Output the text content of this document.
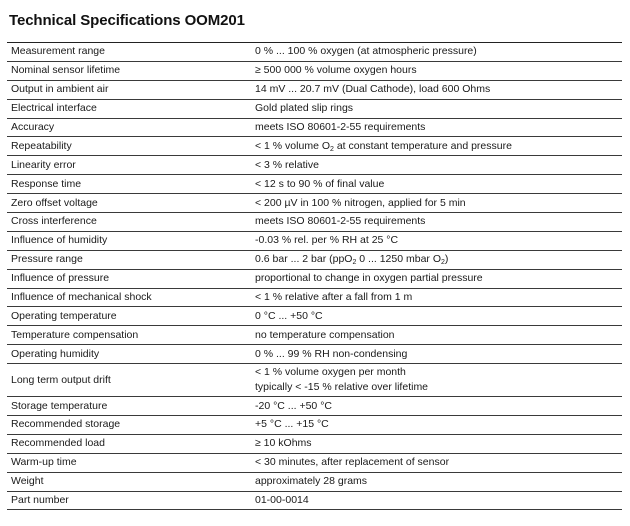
Technical Specifications OOM201
Measurement range	0 % ... 100 % oxygen (at atmospheric pressure)
Nominal sensor lifetime	≥ 500 000 % volume oxygen hours
Output in ambient air	14 mV ... 20.7 mV (Dual Cathode), load 600 Ohms
Electrical interface	Gold plated slip rings
Accuracy	meets ISO 80601-2-55 requirements
Repeatability	< 1 % volume $O_2$ at constant temperature and pressure
Linearity error	< 3 % relative
Response time	< 12 s to 90 % of final value
Zero offset voltage	< 200 µV in 100 % nitrogen, applied for 5 min
Cross interference	meets ISO 80601-2-55 requirements
Influence of humidity	-0.03 % rel. per % RH at 25 °C
Pressure range	0.6 bar ... 2 bar (ppO$_2$ 0 ... 1250 mbar $O_2$)
Influence of pressure	proportional to change in oxygen partial pressure
Influence of mechanical shock	< 1 % relative after a fall from 1 m
Operating temperature	0 °C ... +50 °C
Temperature compensation	no temperature compensation
Operating humidity	0 % ... 99 % RH non-condensing
Long term output drift	< 1 % volume oxygen per month
typically < -15 % relative over lifetime

Storage temperature	-20 °C ... +50 °C
Recommended storage	+5 °C ... +15 °C
Recommended load	≥ 10 kOhms
Warm-up time	< 30 minutes, after replacement of sensor
Weight	approximately 28 grams
Part number	01-00-0014
